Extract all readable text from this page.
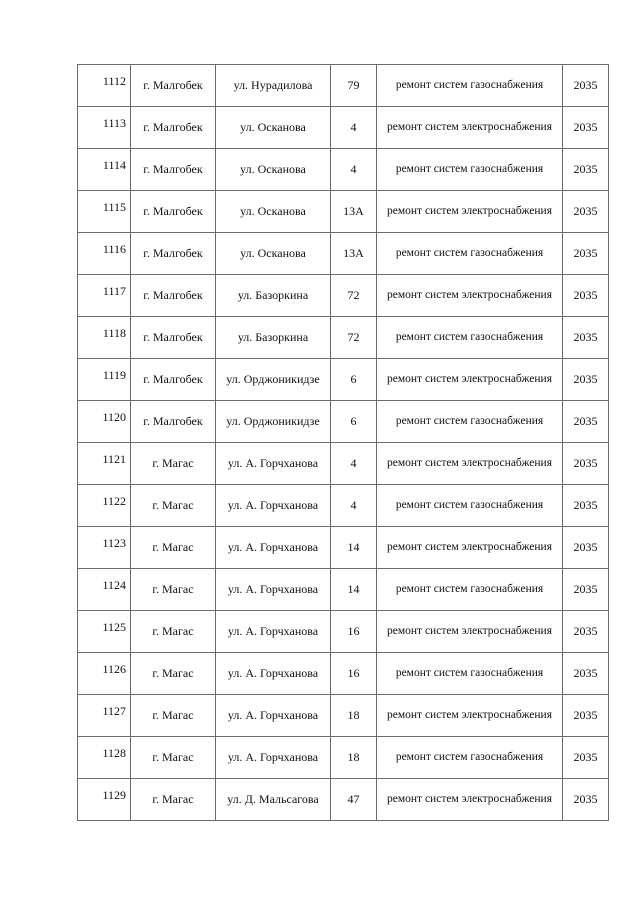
1112	г. Малгобек	ул. Нурадилова	79	ремонт систем газоснабжения	2035
1113	г. Малгобек	ул. Осканова	4	ремонт систем электроснабжения	2035
1114	г. Малгобек	ул. Осканова	4	ремонт систем газоснабжения	2035
1115	г. Малгобек	ул. Осканова	13А	ремонт систем электроснабжения	2035
1116	г. Малгобек	ул. Осканова	13А	ремонт систем газоснабжения	2035
1117	г. Малгобек	ул. Базоркина	72	ремонт систем электроснабжения	2035
1118	г. Малгобек	ул. Базоркина	72	ремонт систем газоснабжения	2035
1119	г. Малгобек	ул. Орджоникидзе	6	ремонт систем электроснабжения	2035
1120	г. Малгобек	ул. Орджоникидзе	6	ремонт систем газоснабжения	2035
1121	г. Магас	ул. А. Горчханова	4	ремонт систем электроснабжения	2035
1122	г. Магас	ул. А. Горчханова	4	ремонт систем газоснабжения	2035
1123	г. Магас	ул. А. Горчханова	14	ремонт систем электроснабжения	2035
1124	г. Магас	ул. А. Горчханова	14	ремонт систем газоснабжения	2035
1125	г. Магас	ул. А. Горчханова	16	ремонт систем электроснабжения	2035
1126	г. Магас	ул. А. Горчханова	16	ремонт систем газоснабжения	2035
1127	г. Магас	ул. А. Горчханова	18	ремонт систем электроснабжения	2035
1128	г. Магас	ул. А. Горчханова	18	ремонт систем газоснабжения	2035
1129	г. Магас	ул. Д. Мальсагова	47	ремонт систем электроснабжения	2035
